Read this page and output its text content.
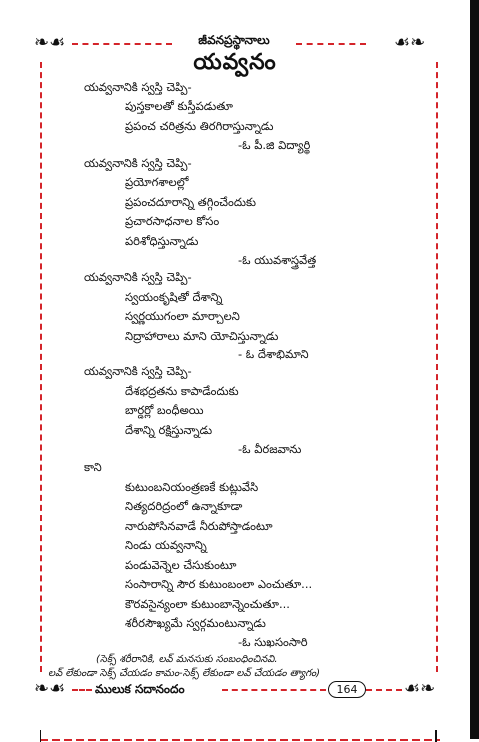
❧☙	☙❧
❧☙	☙❧
జీవనప్రస్థానాలు
యవ్వనం
యవ్వనానికి స్వస్తి చెప్పి-
పుస్తకాలతో కుస్తీపడుతూ
ప్రపంచ చరిత్రను తిరగిరాస్తున్నాడు
-ఓ పీ.జి విద్యార్థి
యవ్వనానికి స్వస్తి చెప్పి-
ప్రయోగశాలల్లో
ప్రపంచదూరాన్ని తగ్గించేందుకు
ప్రచారసాధనాల కోసం
పరిశోధిస్తున్నాడు
-ఓ యువశాస్త్రవేత్త
యవ్వనానికి స్వస్తి చెప్పి-
స్వయంకృషితో దేశాన్ని
స్వర్ణయుగంలా మార్చాలని
నిద్రాహారాలు మాని యోచిస్తున్నాడు
- ఓ దేశాభిమాని
యవ్వనానికి స్వస్తి చెప్పి-
దేశభద్రతను కాపాడేందుకు
బార్డర్లో బంధీఅయి
దేశాన్ని రక్షిస్తున్నాడు
-ఓ వీరజవాను
కాని
కుటుంబనియంత్రణకే కుట్లువేసి
నిత్యదరిద్రంలో ఉన్నాకూడా
నారుపోసినవాడే నీరుపోస్తాడంటూ
నిండు యవ్వనాన్ని
పండువెన్నెల చేసుకుంటూ
సంసారాన్ని సౌర కుటుంబంలా ఎంచుతూ...
కౌరవసైన్యంలా కుటుంబాన్నెంచుతూ...
శరీరసౌఖ్యమే స్వర్గమంటున్నాడు
-ఓ సుఖసంసారి
(సెక్స్ శరీరానికి, లవ్ మనసుకు సంబంధించినవి.
లవ్ లేకుండా సెక్స్ చేయడం కామం-సెక్స్ లేకుండా లవ్ చేయడం త్యాగం)
ములుక సదానందం	164
